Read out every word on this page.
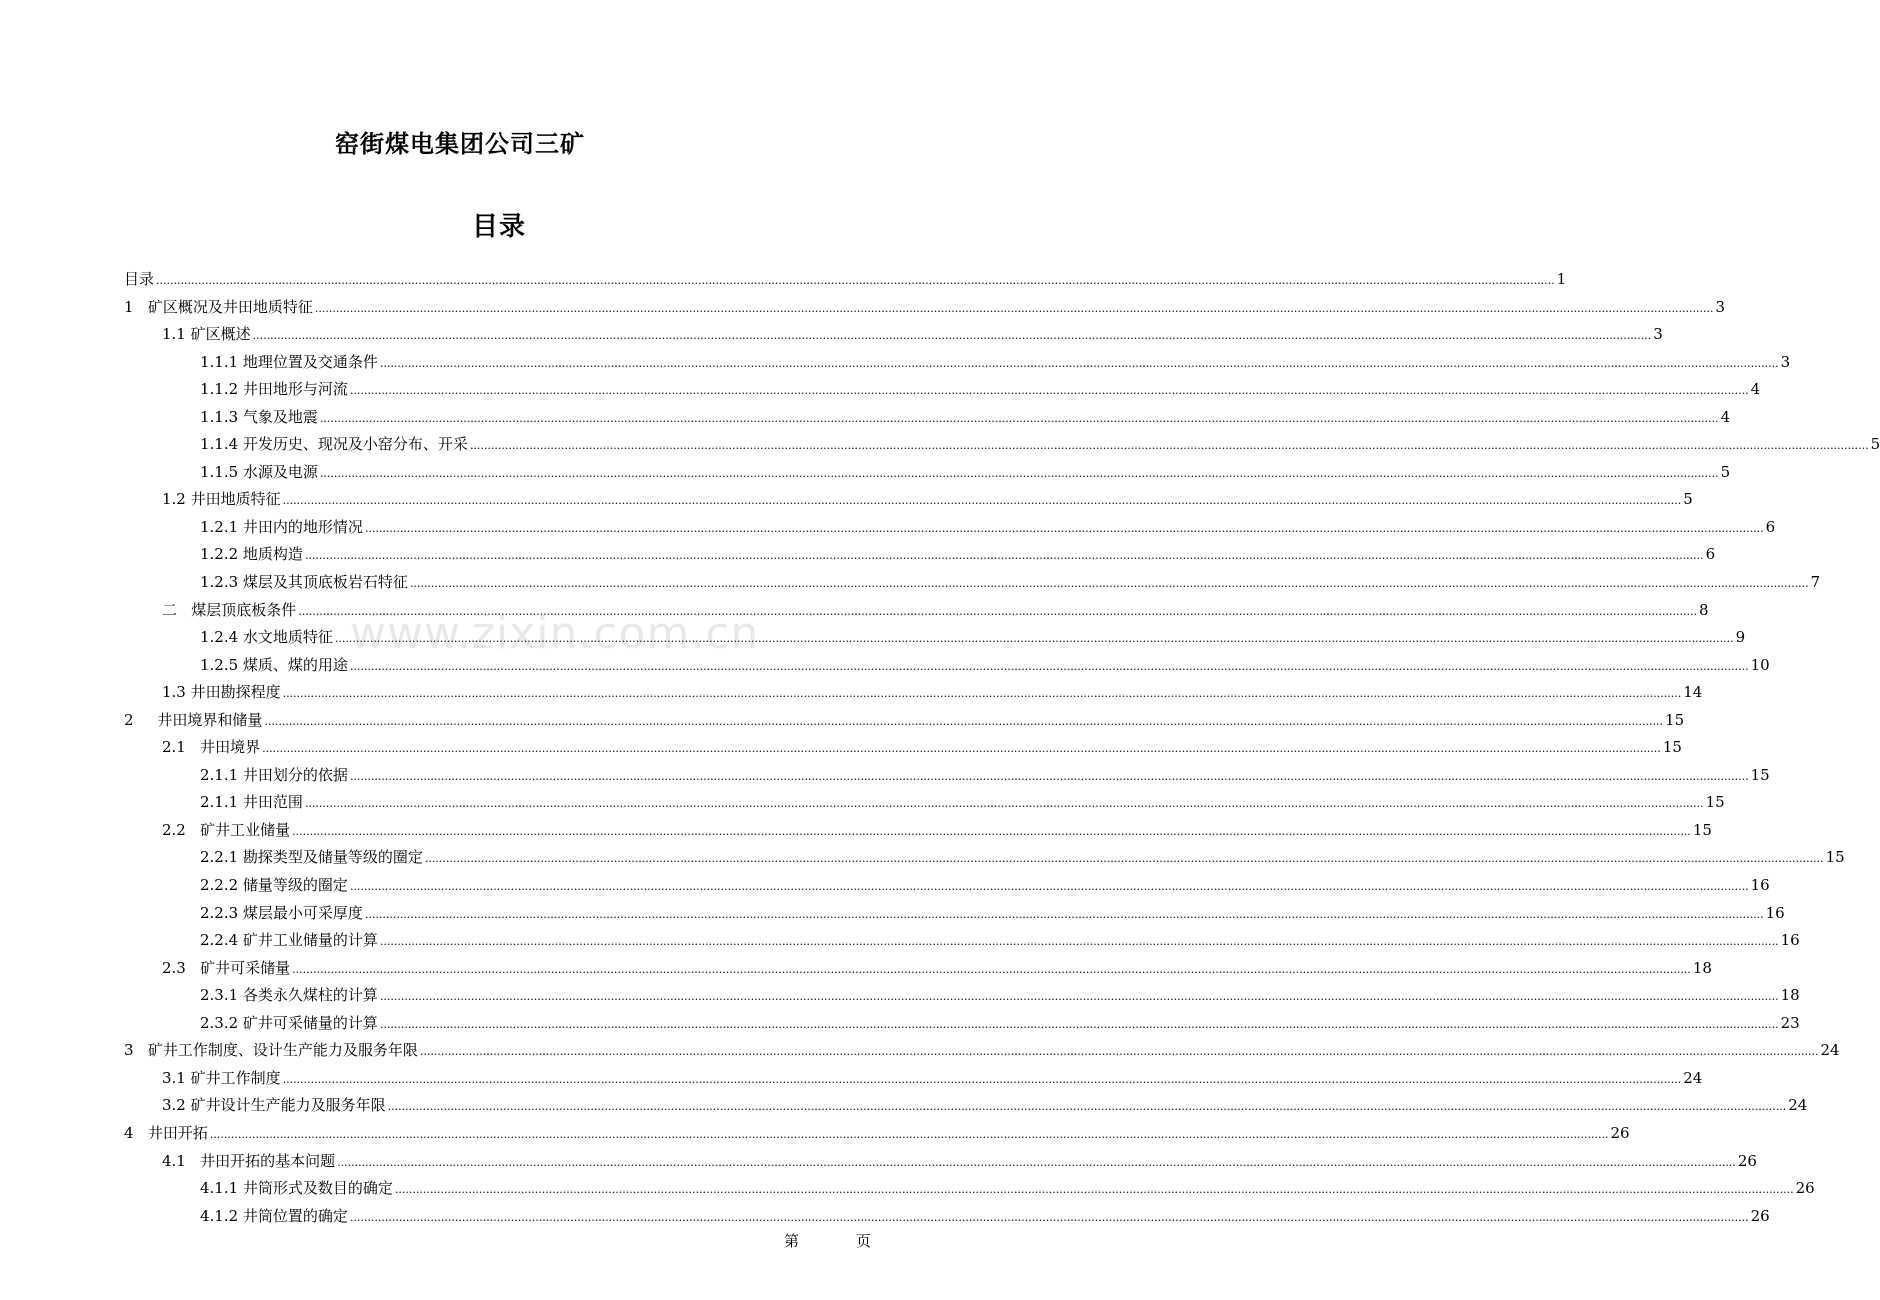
窑街煤电集团公司三矿
目录
www.zixin.com.cn
目录 ................................................................................................................................................................................................................................................................................................................................................................................................................ 1
1   矿区概况及井田地质特征 ................................................................................................................................................................................................................................................................................................................................................................................................................ 3
1.1 矿区概述 ................................................................................................................................................................................................................................................................................................................................................................................................................ 3
1.1.1 地理位置及交通条件 ................................................................................................................................................................................................................................................................................................................................................................................................................ 3
1.1.2 井田地形与河流 ................................................................................................................................................................................................................................................................................................................................................................................................................ 4
1.1.3 气象及地震 ................................................................................................................................................................................................................................................................................................................................................................................................................ 4
1.1.4 开发历史、现况及小窑分布、开采 ................................................................................................................................................................................................................................................................................................................................................................................................................ 5
1.1.5 水源及电源 ................................................................................................................................................................................................................................................................................................................................................................................................................ 5
1.2 井田地质特征 ................................................................................................................................................................................................................................................................................................................................................................................................................ 5
1.2.1 井田内的地形情况 ................................................................................................................................................................................................................................................................................................................................................................................................................ 6
1.2.2 地质构造 ................................................................................................................................................................................................................................................................................................................................................................................................................ 6
1.2.3 煤层及其顶底板岩石特征 ................................................................................................................................................................................................................................................................................................................................................................................................................ 7
二   煤层顶底板条件 ................................................................................................................................................................................................................................................................................................................................................................................................................ 8
1.2.4 水文地质特征 ................................................................................................................................................................................................................................................................................................................................................................................................................ 9
1.2.5 煤质、煤的用途 ................................................................................................................................................................................................................................................................................................................................................................................................................ 10
1.3 井田勘探程度 ................................................................................................................................................................................................................................................................................................................................................................................................................ 14
2     井田境界和储量 ................................................................................................................................................................................................................................................................................................................................................................................................................ 15
2.1   井田境界 ................................................................................................................................................................................................................................................................................................................................................................................................................ 15
2.1.1 井田划分的依据 ................................................................................................................................................................................................................................................................................................................................................................................................................ 15
2.1.1 井田范围 ................................................................................................................................................................................................................................................................................................................................................................................................................ 15
2.2   矿井工业储量 ................................................................................................................................................................................................................................................................................................................................................................................................................ 15
2.2.1 勘探类型及储量等级的圈定 ................................................................................................................................................................................................................................................................................................................................................................................................................ 15
2.2.2 储量等级的圈定 ................................................................................................................................................................................................................................................................................................................................................................................................................ 16
2.2.3 煤层最小可采厚度 ................................................................................................................................................................................................................................................................................................................................................................................................................ 16
2.2.4 矿井工业储量的计算 ................................................................................................................................................................................................................................................................................................................................................................................................................ 16
2.3   矿井可采储量 ................................................................................................................................................................................................................................................................................................................................................................................................................ 18
2.3.1 各类永久煤柱的计算 ................................................................................................................................................................................................................................................................................................................................................................................................................ 18
2.3.2 矿井可采储量的计算 ................................................................................................................................................................................................................................................................................................................................................................................................................ 23
3   矿井工作制度、设计生产能力及服务年限 ................................................................................................................................................................................................................................................................................................................................................................................................................ 24
3.1 矿井工作制度 ................................................................................................................................................................................................................................................................................................................................................................................................................ 24
3.2 矿井设计生产能力及服务年限 ................................................................................................................................................................................................................................................................................................................................................................................................................ 24
4   井田开拓 ................................................................................................................................................................................................................................................................................................................................................................................................................ 26
4.1   井田开拓的基本问题 ................................................................................................................................................................................................................................................................................................................................................................................................................ 26
4.1.1 井筒形式及数目的确定 ................................................................................................................................................................................................................................................................................................................................................................................................................ 26
4.1.2 井筒位置的确定 ................................................................................................................................................................................................................................................................................................................................................................................................................ 26
第	页
